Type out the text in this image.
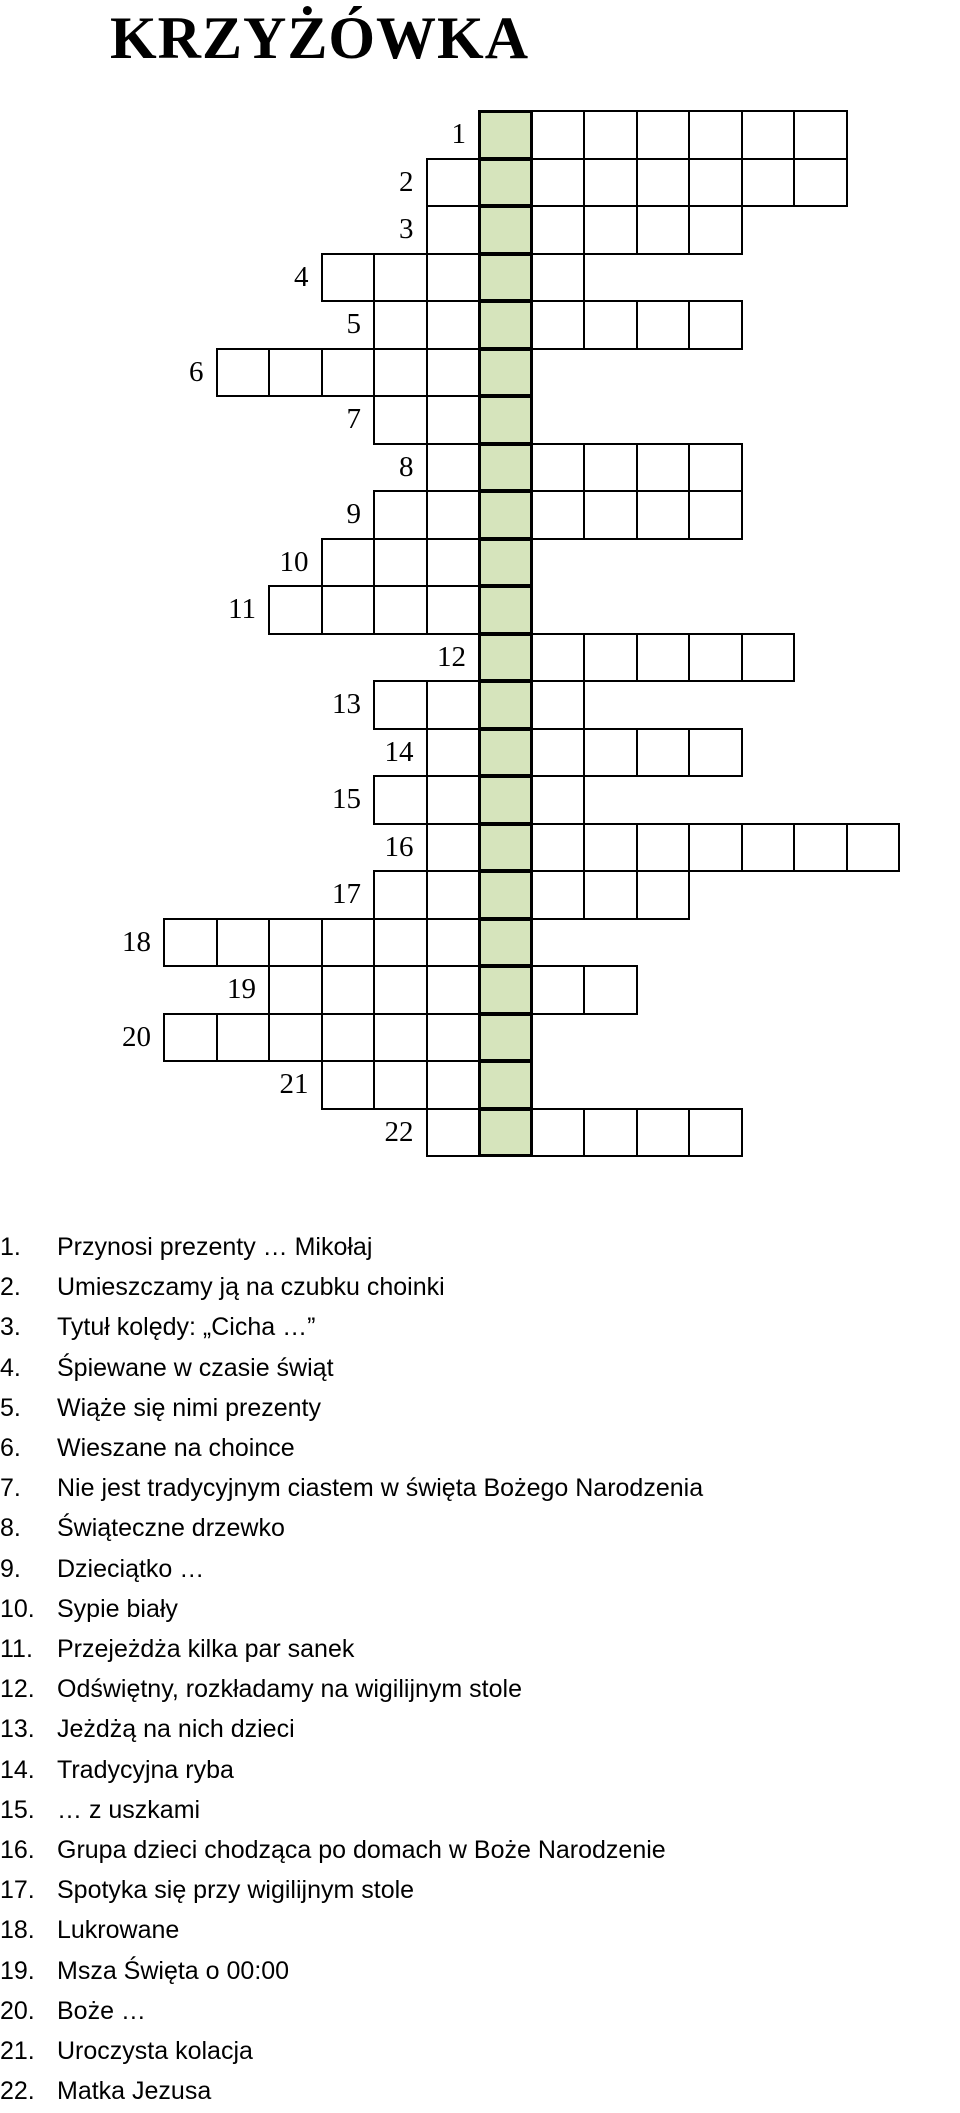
KRZYŻÓWKA
1
2
3
4
5
6
7
8
9
10
11
12
13
14
15
16
17
18
19
20
21
22
1.	Przynosi prezenty … Mikołaj
2.	Umieszczamy ją na czubku choinki
3.	Tytuł kolędy: „Cicha …”
4.	Śpiewane w czasie świąt
5.	Wiąże się nimi prezenty
6.	Wieszane na choince
7.	Nie jest tradycyjnym ciastem w święta Bożego Narodzenia
8.	Świąteczne drzewko
9.	Dzieciątko …
10. Sypie biały
11. Przejeżdża kilka par sanek
12. Odświętny, rozkładamy na wigilijnym stole
13. Jeżdżą na nich dzieci
14. Tradycyjna ryba
15. … z uszkami
16. Grupa dzieci chodząca po domach w Boże Narodzenie
17. Spotyka się przy wigilijnym stole
18. Lukrowane
19. Msza Święta o 00:00
20. Boże …
21. Uroczysta kolacja
22. Matka Jezusa
